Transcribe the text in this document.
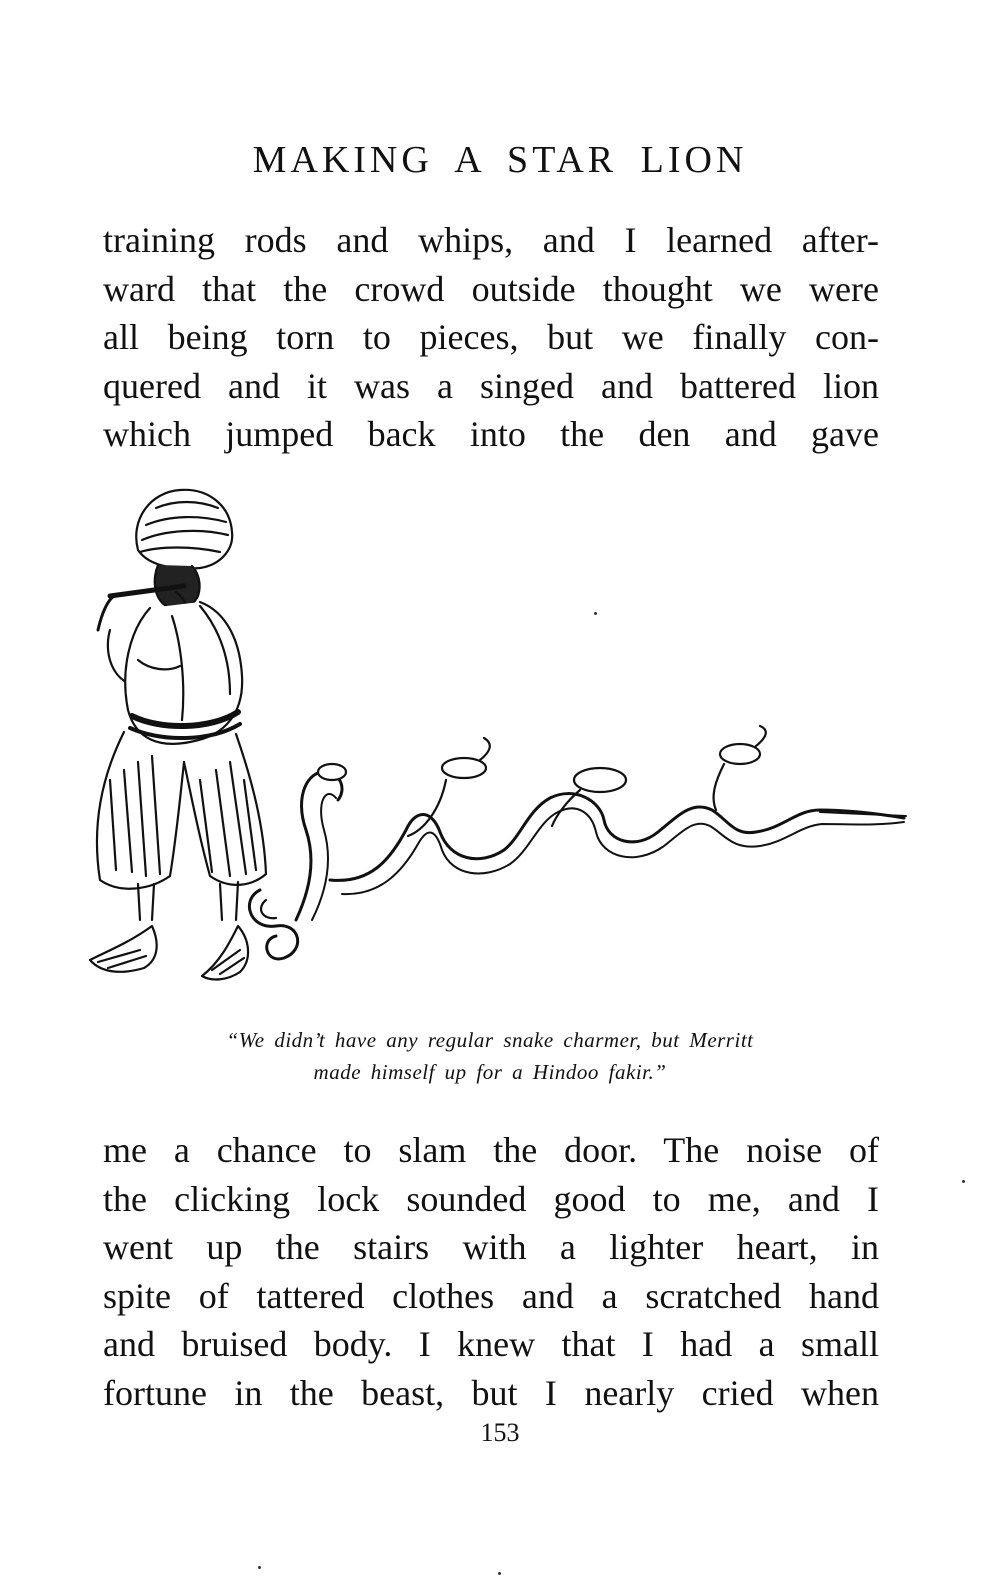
MAKING A STAR LION
training rods and whips, and I learned after-
ward that the crowd outside thought we were
all being torn to pieces, but we finally con-
quered and it was a singed and battered lion
which jumped back into the den and gave
“We didn’t have any regular snake charmer, but Merritt
made himself up for a Hindoo fakir.”
me a chance to slam the door. The noise of
the clicking lock sounded good to me, and I
went up the stairs with a lighter heart, in
spite of tattered clothes and a scratched hand
and bruised body. I knew that I had a small
fortune in the beast, but I nearly cried when
153
